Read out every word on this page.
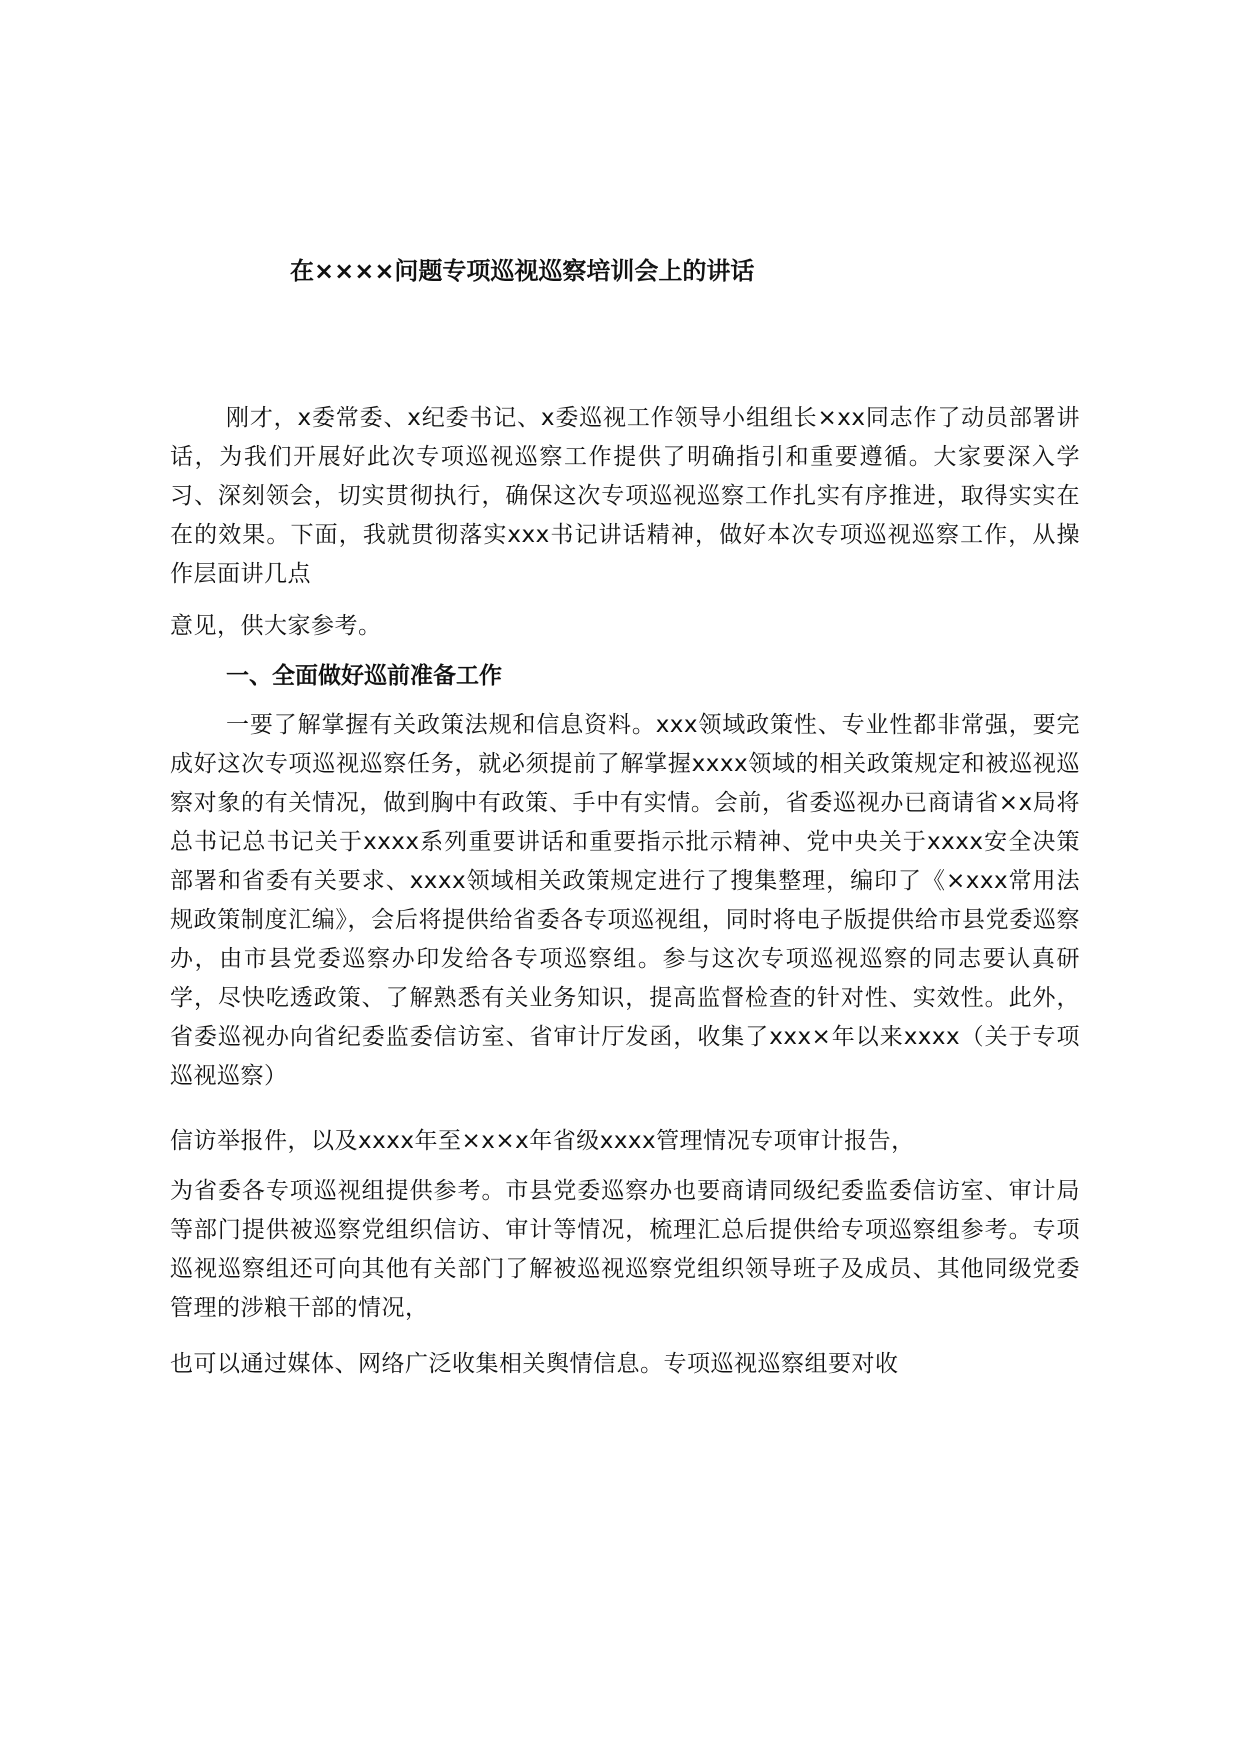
在××××问题专项巡视巡察培训会上的讲话
刚才，x委常委、x纪委书记、x委巡视工作领导小组组长×xx同志作了动员部署讲话，为我们开展好此次专项巡视巡察工作提供了明确指引和重要遵循。大家要深入学习、深刻领会，切实贯彻执行，确保这次专项巡视巡察工作扎实有序推进，取得实实在在的效果。下面，我就贯彻落实xxx书记讲话精神，做好本次专项巡视巡察工作，从操作层面讲几点
意见，供大家参考。
一、全面做好巡前准备工作
一要了解掌握有关政策法规和信息资料。xxx领域政策性、专业性都非常强，要完成好这次专项巡视巡察任务，就必须提前了解掌握xxxx领域的相关政策规定和被巡视巡察对象的有关情况，做到胸中有政策、手中有实情。会前，省委巡视办已商请省×x局将总书记总书记关于xxxx系列重要讲话和重要指示批示精神、党中央关于xxxx安全决策部署和省委有关要求、xxxx领域相关政策规定进行了搜集整理，编印了《×xxx常用法规政策制度汇编》，会后将提供给省委各专项巡视组，同时将电子版提供给市县党委巡察办，由市县党委巡察办印发给各专项巡察组。参与这次专项巡视巡察的同志要认真研学，尽快吃透政策、了解熟悉有关业务知识，提高监督检查的针对性、实效性。此外，省委巡视办向省纪委监委信访室、省审计厅发函，收集了xxx×年以来xxxx（关于专项巡视巡察）
信访举报件，以及xxxx年至×x×x年省级xxxx管理情况专项审计报告，
为省委各专项巡视组提供参考。市县党委巡察办也要商请同级纪委监委信访室、审计局等部门提供被巡察党组织信访、审计等情况，梳理汇总后提供给专项巡察组参考。专项巡视巡察组还可向其他有关部门了解被巡视巡察党组织领导班子及成员、其他同级党委管理的涉粮干部的情况，
也可以通过媒体、网络广泛收集相关舆情信息。专项巡视巡察组要对收
